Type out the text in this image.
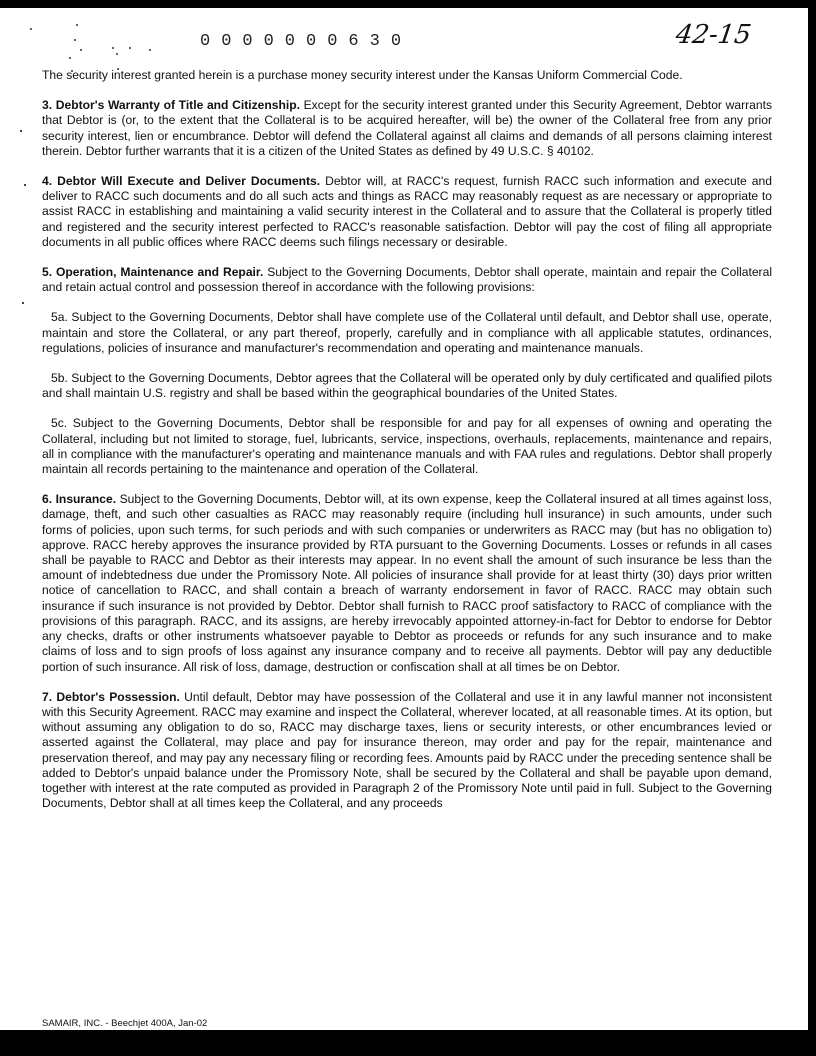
0000000630	42-15

The security interest granted herein is a purchase money security interest under the Kansas Uniform Commercial Code.

3. Debtor's Warranty of Title and Citizenship. Except for the security interest granted under this Security Agreement, Debtor warrants that Debtor is (or, to the extent that the Collateral is to be acquired hereafter, will be) the owner of the Collateral free from any prior security interest, lien or encumbrance. Debtor will defend the Collateral against all claims and demands of all persons claiming interest therein. Debtor further warrants that it is a citizen of the United States as defined by 49 U.S.C. § 40102.

4. Debtor Will Execute and Deliver Documents. Debtor will, at RACC's request, furnish RACC such information and execute and deliver to RACC such documents and do all such acts and things as RACC may reasonably request as are necessary or appropriate to assist RACC in establishing and maintaining a valid security interest in the Collateral and to assure that the Collateral is properly titled and registered and the security interest perfected to RACC's reasonable satisfaction. Debtor will pay the cost of filing all appropriate documents in all public offices where RACC deems such filings necessary or desirable.

5. Operation, Maintenance and Repair. Subject to the Governing Documents, Debtor shall operate, maintain and repair the Collateral and retain actual control and possession thereof in accordance with the following provisions:

5a. Subject to the Governing Documents, Debtor shall have complete use of the Collateral until default, and Debtor shall use, operate, maintain and store the Collateral, or any part thereof, properly, carefully and in compliance with all applicable statutes, ordinances, regulations, policies of insurance and manufacturer's recommendation and operating and maintenance manuals.

5b. Subject to the Governing Documents, Debtor agrees that the Collateral will be operated only by duly certificated and qualified pilots and shall maintain U.S. registry and shall be based within the geographical boundaries of the United States.

5c. Subject to the Governing Documents, Debtor shall be responsible for and pay for all expenses of owning and operating the Collateral, including but not limited to storage, fuel, lubricants, service, inspections, overhauls, replacements, maintenance and repairs, all in compliance with the manufacturer's operating and maintenance manuals and with FAA rules and regulations. Debtor shall properly maintain all records pertaining to the maintenance and operation of the Collateral.

6. Insurance. Subject to the Governing Documents, Debtor will, at its own expense, keep the Collateral insured at all times against loss, damage, theft, and such other casualties as RACC may reasonably require (including hull insurance) in such amounts, under such forms of policies, upon such terms, for such periods and with such companies or underwriters as RACC may (but has no obligation to) approve. RACC hereby approves the insurance provided by RTA pursuant to the Governing Documents. Losses or refunds in all cases shall be payable to RACC and Debtor as their interests may appear. In no event shall the amount of such insurance be less than the amount of indebtedness due under the Promissory Note. All policies of insurance shall provide for at least thirty (30) days prior written notice of cancellation to RACC, and shall contain a breach of warranty endorsement in favor of RACC. RACC may obtain such insurance if such insurance is not provided by Debtor. Debtor shall furnish to RACC proof satisfactory to RACC of compliance with the provisions of this paragraph. RACC, and its assigns, are hereby irrevocably appointed attorney-in-fact for Debtor to endorse for Debtor any checks, drafts or other instruments whatsoever payable to Debtor as proceeds or refunds for any such insurance and to make claims of loss and to sign proofs of loss against any insurance company and to receive all payments. Debtor will pay any deductible portion of such insurance. All risk of loss, damage, destruction or confiscation shall at all times be on Debtor.

7. Debtor's Possession. Until default, Debtor may have possession of the Collateral and use it in any lawful manner not inconsistent with this Security Agreement. RACC may examine and inspect the Collateral, wherever located, at all reasonable times. At its option, but without assuming any obligation to do so, RACC may discharge taxes, liens or security interests, or other encumbrances levied or asserted against the Collateral, may place and pay for insurance thereon, may order and pay for the repair, maintenance and preservation thereof, and may pay any necessary filing or recording fees. Amounts paid by RACC under the preceding sentence shall be added to Debtor's unpaid balance under the Promissory Note, shall be secured by the Collateral and shall be payable upon demand, together with interest at the rate computed as provided in Paragraph 2 of the Promissory Note until paid in full. Subject to the Governing Documents, Debtor shall at all times keep the Collateral, and any proceeds

SAMAIR, INC. - Beechjet 400A, Jan-02
